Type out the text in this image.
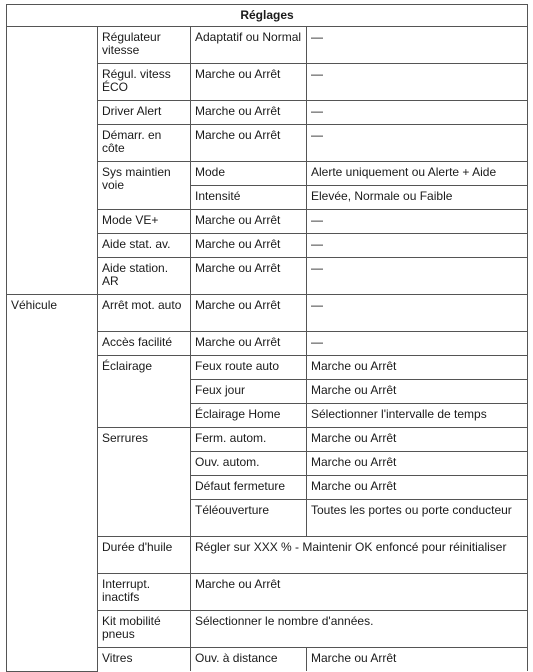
Réglages			
	Régulateur vitesse	Adaptatif ou Normal	—
	Régul. vitess ÉCO	Marche ou Arrêt	—
	Driver Alert	Marche ou Arrêt	—
	Démarr. en côte	Marche ou Arrêt	—
	Sys maintien voie	Mode	Alerte uniquement ou Alerte + Aide
		Intensité	Elevée, Normale ou Faible
	Mode VE+	Marche ou Arrêt	—
	Aide stat. av.	Marche ou Arrêt	—
	Aide station. AR	Marche ou Arrêt	—
Véhicule	Arrêt mot. auto	Marche ou Arrêt	—
	Accès facilité	Marche ou Arrêt	—
	Éclairage	Feux route auto	Marche ou Arrêt
		Feux jour	Marche ou Arrêt
		Éclairage Home	Sélectionner l'intervalle de temps
	Serrures	Ferm. autom.	Marche ou Arrêt
		Ouv. autom.	Marche ou Arrêt
		Défaut fermeture	Marche ou Arrêt
		Téléouverture	Toutes les portes ou porte conducteur
	Durée d'huile	Régler sur XXX % - Maintenir OK enfoncé pour réinitialiser	
	Interrupt. inactifs	Marche ou Arrêt	
	Kit mobilité pneus	Sélectionner le nombre d'années.	
	Vitres	Ouv. à distance	Marche ou Arrêt
